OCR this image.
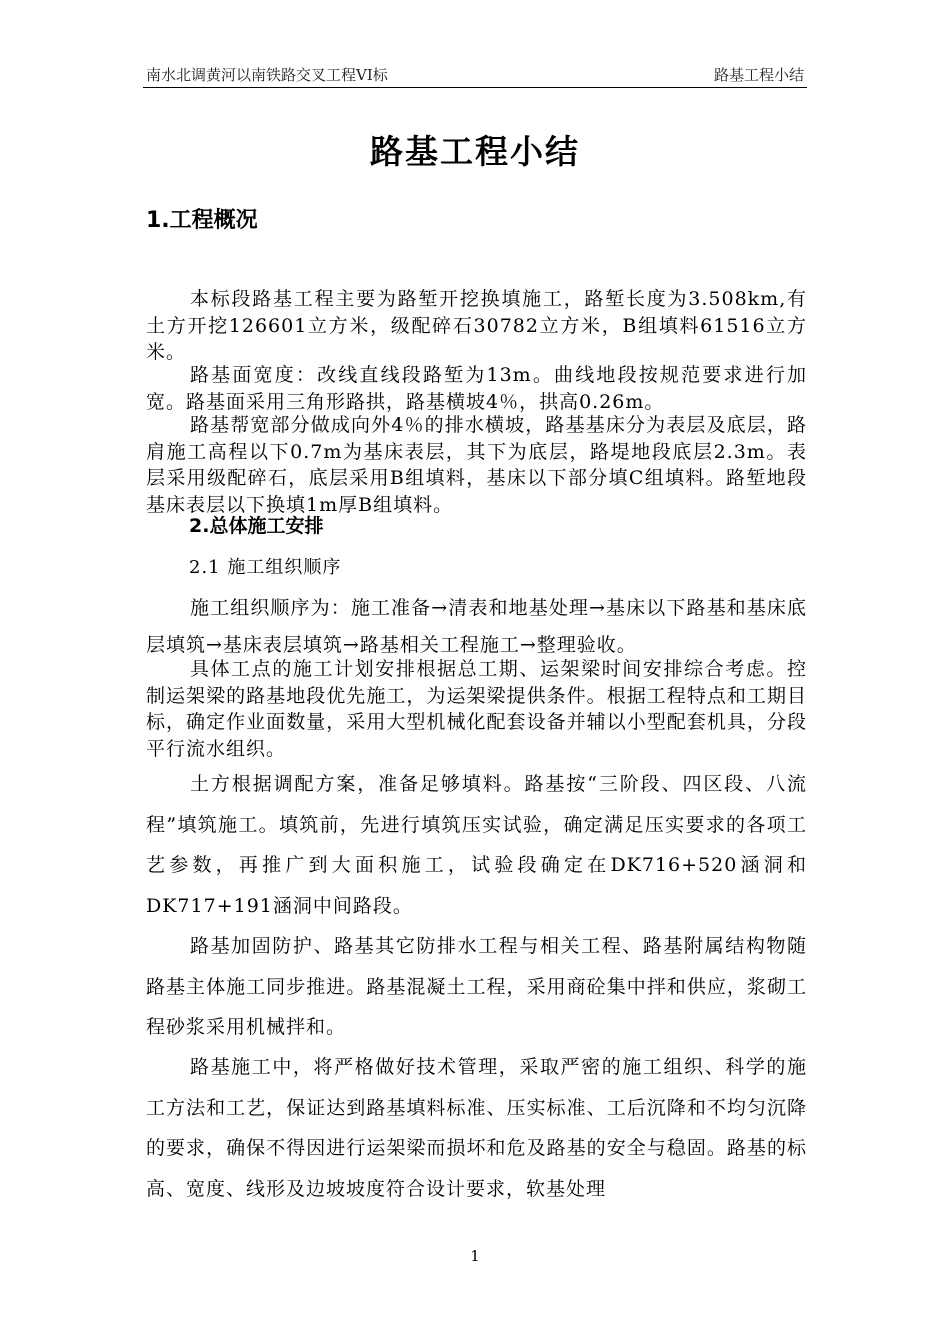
南水北调黄河以南铁路交叉工程VI标	路基工程小结
路基工程小结
1.工程概况

本标段路基工程主要为路堑开挖换填施工，路堑长度为3.508km,有土方开挖126601立方米，级配碎石30782立方米，B组填料61516立方米。

路基面宽度：改线直线段路堑为13m。曲线地段按规范要求进行加宽。路基面采用三角形路拱，路基横坡4％，拱高0.26m。

路基帮宽部分做成向外4％的排水横坡，路基基床分为表层及底层，路肩施工高程以下0.7m为基床表层，其下为底层，路堤地段底层2.3m。表层采用级配碎石，底层采用B组填料，基床以下部分填C组填料。路堑地段基床表层以下换填1m厚B组填料。

2.总体施工安排
2.1 施工组织顺序

施工组织顺序为：施工准备→清表和地基处理→基床以下路基和基床底层填筑→基床表层填筑→路基相关工程施工→整理验收。

具体工点的施工计划安排根据总工期、运架梁时间安排综合考虑。控制运架梁的路基地段优先施工，为运架梁提供条件。根据工程特点和工期目标，确定作业面数量，采用大型机械化配套设备并辅以小型配套机具，分段平行流水组织。

土方根据调配方案，准备足够填料。路基按“三阶段、四区段、八流程”填筑施工。填筑前，先进行填筑压实试验，确定满足压实要求的各项工艺参数，再推广到大面积施工，试验段确定在DK716+520涵洞和DK717+191涵洞中间路段。

路基加固防护、路基其它防排水工程与相关工程、路基附属结构物随路基主体施工同步推进。路基混凝土工程，采用商砼集中拌和供应，浆砌工程砂浆采用机械拌和。

路基施工中，将严格做好技术管理，采取严密的施工组织、科学的施工方法和工艺，保证达到路基填料标准、压实标准、工后沉降和不均匀沉降的要求，确保不得因进行运架梁而损坏和危及路基的安全与稳固。路基的标高、宽度、线形及边坡坡度符合设计要求，软基处理

1
